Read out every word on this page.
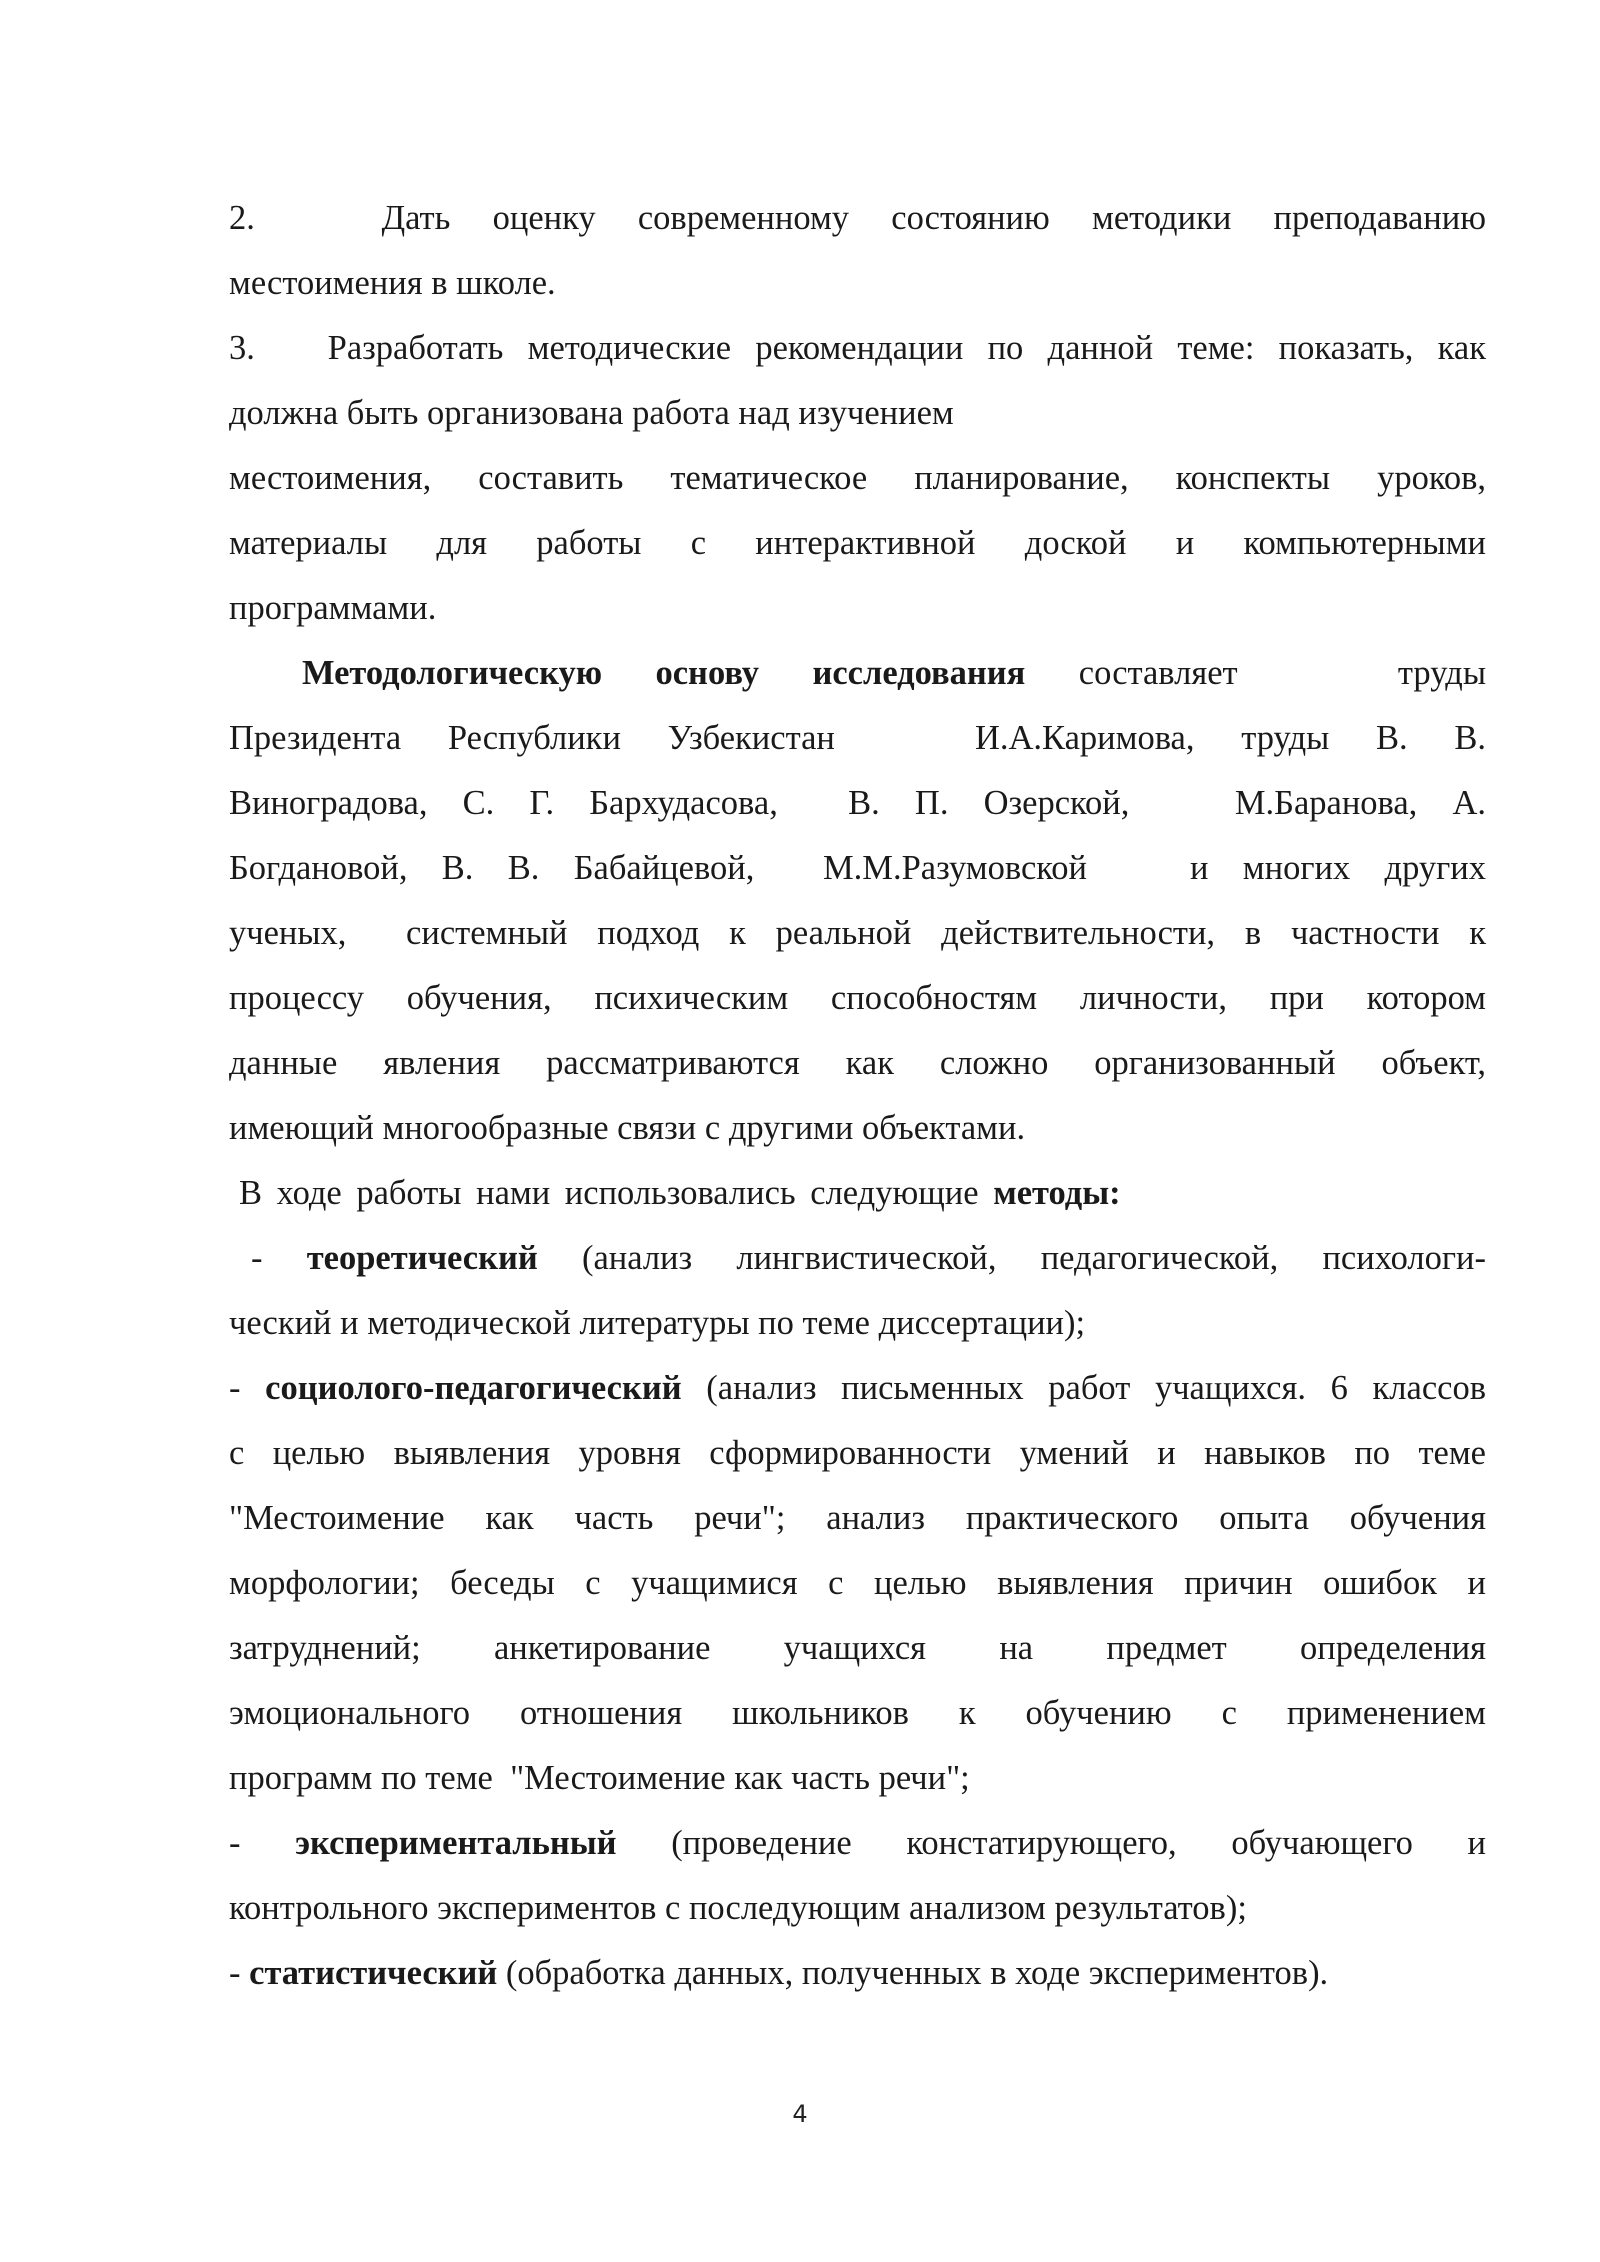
2.   Дать оценку современному состоянию методики преподаванию
местоимения в школе.
3.   Разработать методические рекомендации по данной теме: показать, как
должна быть организована работа над изучением
местоимения, составить тематическое планирование, конспекты уроков,
материалы для работы с интерактивной доской и компьютерными
программами.
Методологическую основу исследования составляет   труды
Президента Республики Узбекистан   И.А.Каримова, труды В. В.
Виноградова, С. Г. Бархудасова,  В. П. Озерской,   М.Баранова, А.
Богдановой, В. В. Бабайцевой,  М.М.Разумовской   и многих других
ученых,  системный подход к реальной действительности, в частности к
процессу обучения, психическим способностям личности, при котором
данные явления рассматриваются как сложно организованный объект,
имеющий многообразные связи с другими объектами.
В ходе работы нами использовались следующие методы:
- теоретический (анализ лингвистической, педагогической, психологи-
ческий и методической литературы по теме диссертации);
- социолого-педагогический (анализ письменных работ учащихся. 6 классов
с целью выявления уровня сформированности умений и навыков по теме
"Местоимение как часть речи"; анализ практического опыта обучения
морфологии; беседы с учащимися с целью выявления причин ошибок и
затруднений; анкетирование учащихся на предмет определения
эмоционального отношения школьников к обучению с применением
программ по теме  "Местоимение как часть речи";
- экспериментальный (проведение констатирующего, обучающего и
контрольного экспериментов с последующим анализом результатов);
- статистический (обработка данных, полученных в ходе экспериментов).
4
